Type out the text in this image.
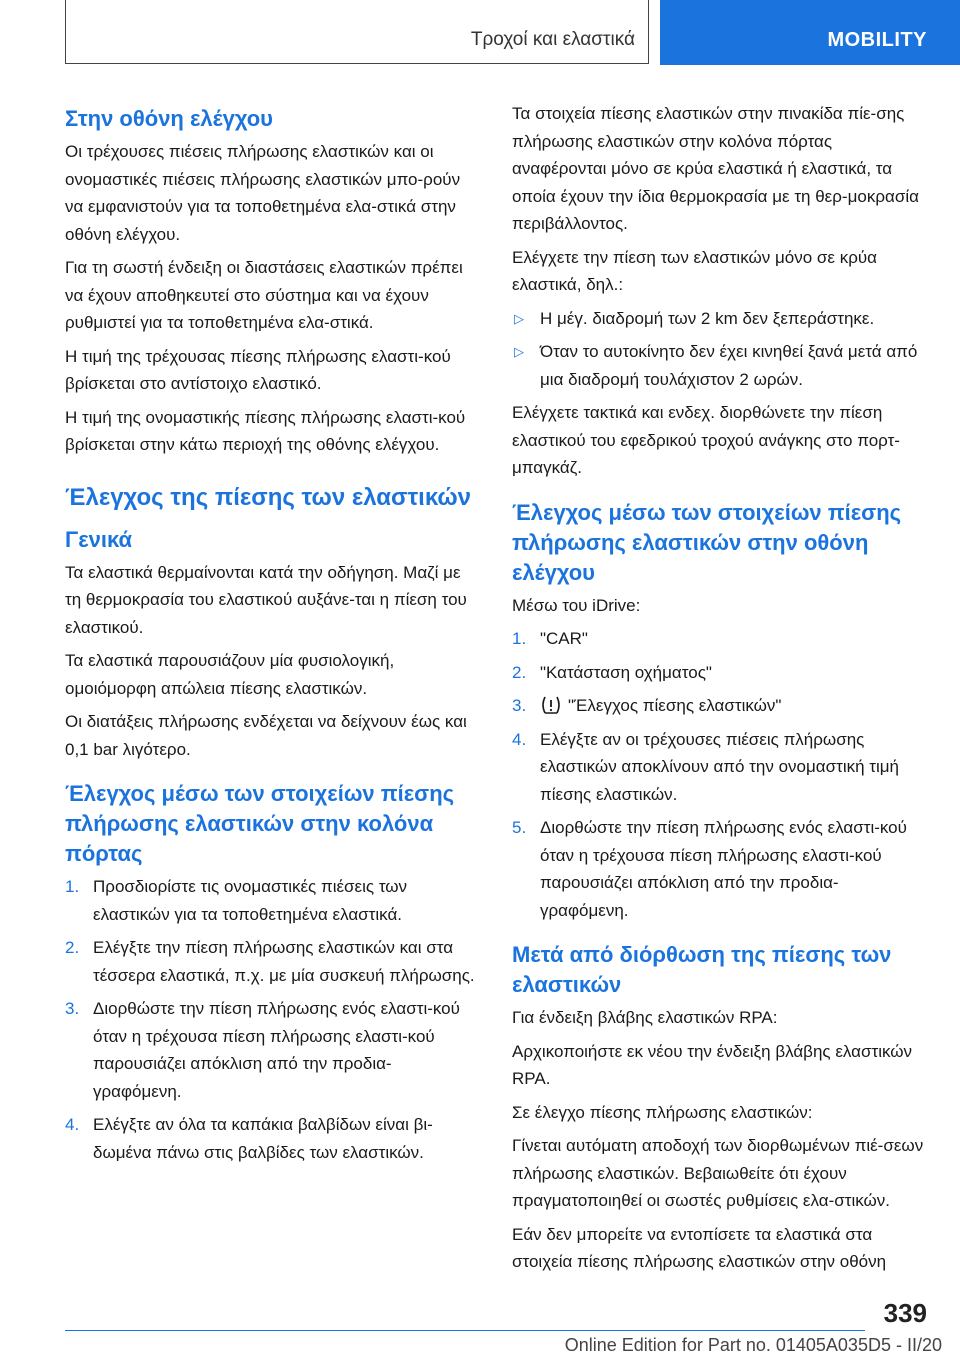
Τροχοί και ελαστικά	MOBILITY
Στην οθόνη ελέγχου

Οι τρέχουσες πιέσεις πλήρωσης ελαστικών και οι ονομαστικές πιέσεις πλήρωσης ελαστικών μπο-ρούν να εμφανιστούν για τα τοποθετημένα ελα-στικά στην οθόνη ελέγχου.

Για τη σωστή ένδειξη οι διαστάσεις ελαστικών πρέπει να έχουν αποθηκευτεί στο σύστημα και να έχουν ρυθμιστεί για τα τοποθετημένα ελα-στικά.

Η τιμή της τρέχουσας πίεσης πλήρωσης ελαστι-κού βρίσκεται στο αντίστοιχο ελαστικό.

Η τιμή της ονομαστικής πίεσης πλήρωσης ελαστι-κού βρίσκεται στην κάτω περιοχή της οθόνης ελέγχου.

Έλεγχος της πίεσης των ελαστικών
Γενικά

Τα ελαστικά θερμαίνονται κατά την οδήγηση. Μαζί με τη θερμοκρασία του ελαστικού αυξάνε-ται η πίεση του ελαστικού.

Τα ελαστικά παρουσιάζουν μία φυσιολογική, ομοιόμορφη απώλεια πίεσης ελαστικών.

Οι διατάξεις πλήρωσης ενδέχεται να δείχνουν έως και 0,1 bar λιγότερο.

Έλεγχος μέσω των στοιχείων πίεσης πλήρωσης ελαστικών στην κολόνα πόρτας
1. Προσδιορίστε τις ονομαστικές πιέσεις των ελαστικών για τα τοποθετημένα ελαστικά.
2. Ελέγξτε την πίεση πλήρωσης ελαστικών και στα τέσσερα ελαστικά, π.χ. με μία συσκευή πλήρωσης.
3. Διορθώστε την πίεση πλήρωσης ενός ελαστι-κού όταν η τρέχουσα πίεση πλήρωσης ελαστι-κού παρουσιάζει απόκλιση από την προδια-γραφόμενη.
4. Ελέγξτε αν όλα τα καπάκια βαλβίδων είναι βι-δωμένα πάνω στις βαλβίδες των ελαστικών.

Τα στοιχεία πίεσης ελαστικών στην πινακίδα πίε-σης πλήρωσης ελαστικών στην κολόνα πόρτας αναφέρονται μόνο σε κρύα ελαστικά ή ελαστικά, τα οποία έχουν την ίδια θερμοκρασία με τη θερ-μοκρασία περιβάλλοντος.

Ελέγχετε την πίεση των ελαστικών μόνο σε κρύα ελαστικά, δηλ.:

▷ Η μέγ. διαδρομή των 2 km δεν ξεπεράστηκε.
▷ Όταν το αυτοκίνητο δεν έχει κινηθεί ξανά μετά από μια διαδρομή τουλάχιστον 2 ωρών.

Ελέγχετε τακτικά και ενδεχ. διορθώνετε την πίεση ελαστικού του εφεδρικού τροχού ανάγκης στο πορτ-μπαγκάζ.

Έλεγχος μέσω των στοιχείων πίεσης πλήρωσης ελαστικών στην οθόνη ελέγχου

Μέσω του iDrive:

1. "CAR"
2. "Κατάσταση οχήματος"
3. "Έλεγχος πίεσης ελαστικών"
4. Ελέγξτε αν οι τρέχουσες πιέσεις πλήρωσης ελαστικών αποκλίνουν από την ονομαστική τιμή πίεσης ελαστικών.
5. Διορθώστε την πίεση πλήρωσης ενός ελαστι-κού όταν η τρέχουσα πίεση πλήρωσης ελαστι-κού παρουσιάζει απόκλιση από την προδια-γραφόμενη.
Μετά από διόρθωση της πίεσης των ελαστικών

Για ένδειξη βλάβης ελαστικών RPA:

Αρχικοποιήστε εκ νέου την ένδειξη βλάβης ελαστικών RPA.

Σε έλεγχο πίεσης πλήρωσης ελαστικών:

Γίνεται αυτόματη αποδοχή των διορθωμένων πιέ-σεων πλήρωσης ελαστικών. Βεβαιωθείτε ότι έχουν πραγματοποιηθεί οι σωστές ρυθμίσεις ελα-στικών.

Εάν δεν μπορείτε να εντοπίσετε τα ελαστικά στα στοιχεία πίεσης πλήρωσης ελαστικών στην οθόνη

339
Online Edition for Part no. 01405A035D5 - II/20
